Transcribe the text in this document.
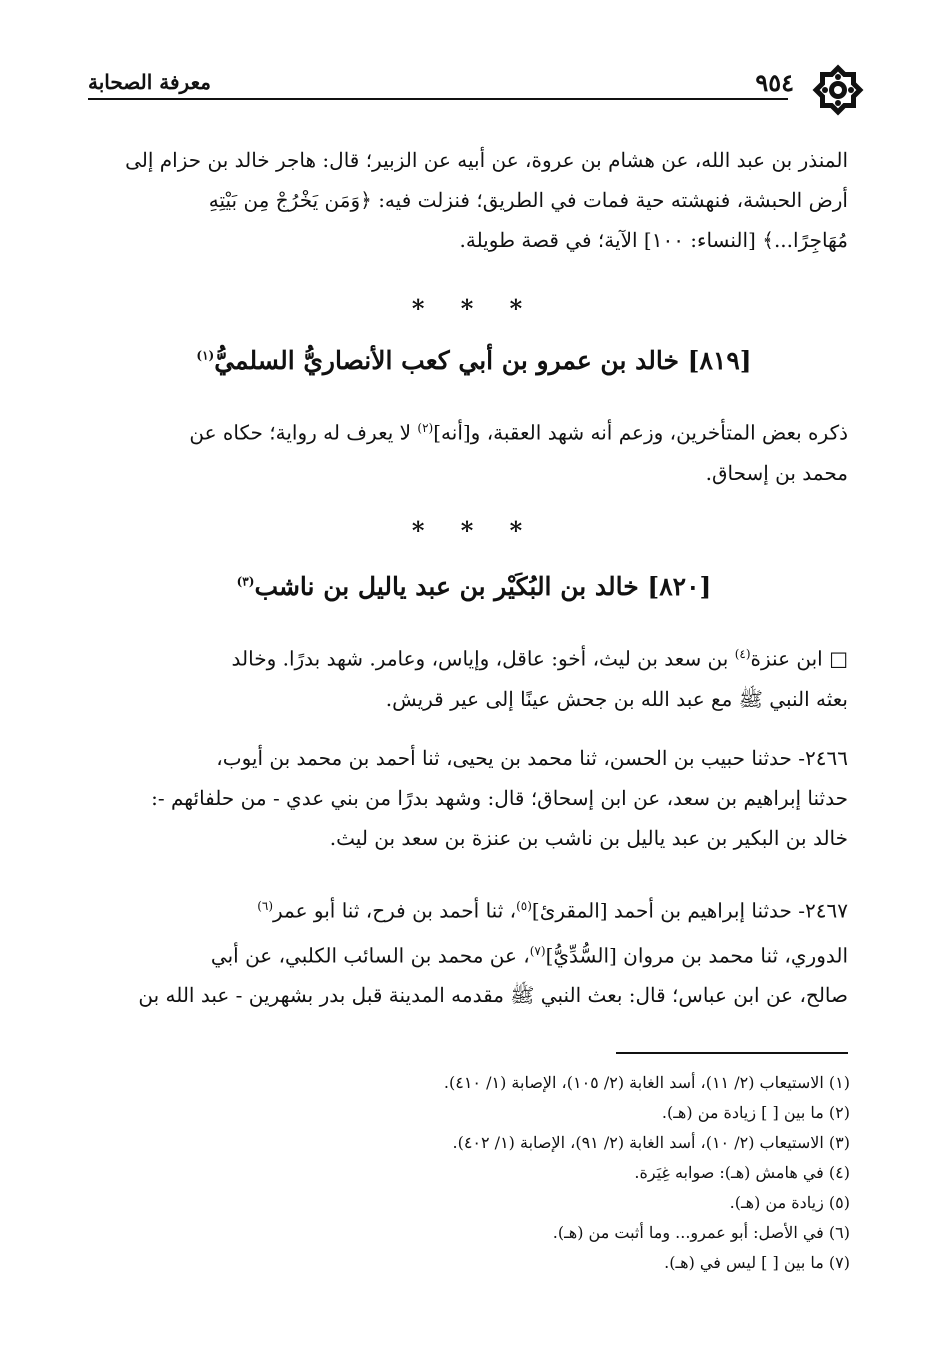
٩٥٤
معرفة الصحابة
المنذر بن عبد الله، عن هشام بن عروة، عن أبيه عن الزبير؛ قال: هاجر خالد بن حزام إلى
أرض الحبشة، فنهشته حية فمات في الطريق؛ فنزلت فيه: ﴿وَمَن يَخْرُجْ مِن بَيْتِهِ
مُهَاجِرًا...﴾ [النساء: ١٠٠] الآية؛ في قصة طويلة.
* * *
[٨١٩] خالد بن عمرو بن أبي كعب الأنصاريُّ السلميُّ$^{(١)}$
ذكره بعض المتأخرين، وزعم أنه شهد العقبة، و[أنه]$^{(٢)}$ لا يعرف له رواية؛ حكاه عن
محمد بن إسحاق.
* * *
[٨٢٠] خالد بن البُكَيْر بن عبد ياليل بن ناشب$^{(٣)}$
□ ابن عنزة$^{(٤)}$ بن سعد بن ليث، أخو: عاقل، وإياس، وعامر. شهد بدرًا. وخالد
بعثه النبي ﷺ مع عبد الله بن جحش عينًا إلى عير قريش.
٢٤٦٦- حدثنا حبيب بن الحسن، ثنا محمد بن يحيى، ثنا أحمد بن محمد بن أيوب،
حدثنا إبراهيم بن سعد، عن ابن إسحاق؛ قال: وشهد بدرًا من بني عدي - من حلفائهم -:
خالد بن البكير بن عبد ياليل بن ناشب بن عنزة بن سعد بن ليث.
٢٤٦٧- حدثنا إبراهيم بن أحمد [المقرئ]$^{(٥)}$، ثنا أحمد بن فرح، ثنا أبو عمر$^{(٦)}$
الدوري، ثنا محمد بن مروان [السُّدِّيُّ]$^{(٧)}$، عن محمد بن السائب الكلبي، عن أبي
صالح، عن ابن عباس؛ قال: بعث النبي ﷺ مقدمه المدينة قبل بدر بشهرين - عبد الله بن
(١) الاستيعاب (٢/ ١١)، أسد الغابة (٢/ ١٠٥)، الإصابة (١/ ٤١٠).
(٢) ما بين [ ] زيادة من (هـ).
(٣) الاستيعاب (٢/ ١٠)، أسد الغابة (٢/ ٩١)، الإصابة (١/ ٤٠٢).
(٤) في هامش (هـ): صوابه غِيَرة.
(٥) زيادة من (هـ).
(٦) في الأصل: أبو عمرو... وما أثبت من (هـ).
(٧) ما بين [ ] ليس في (هـ).
